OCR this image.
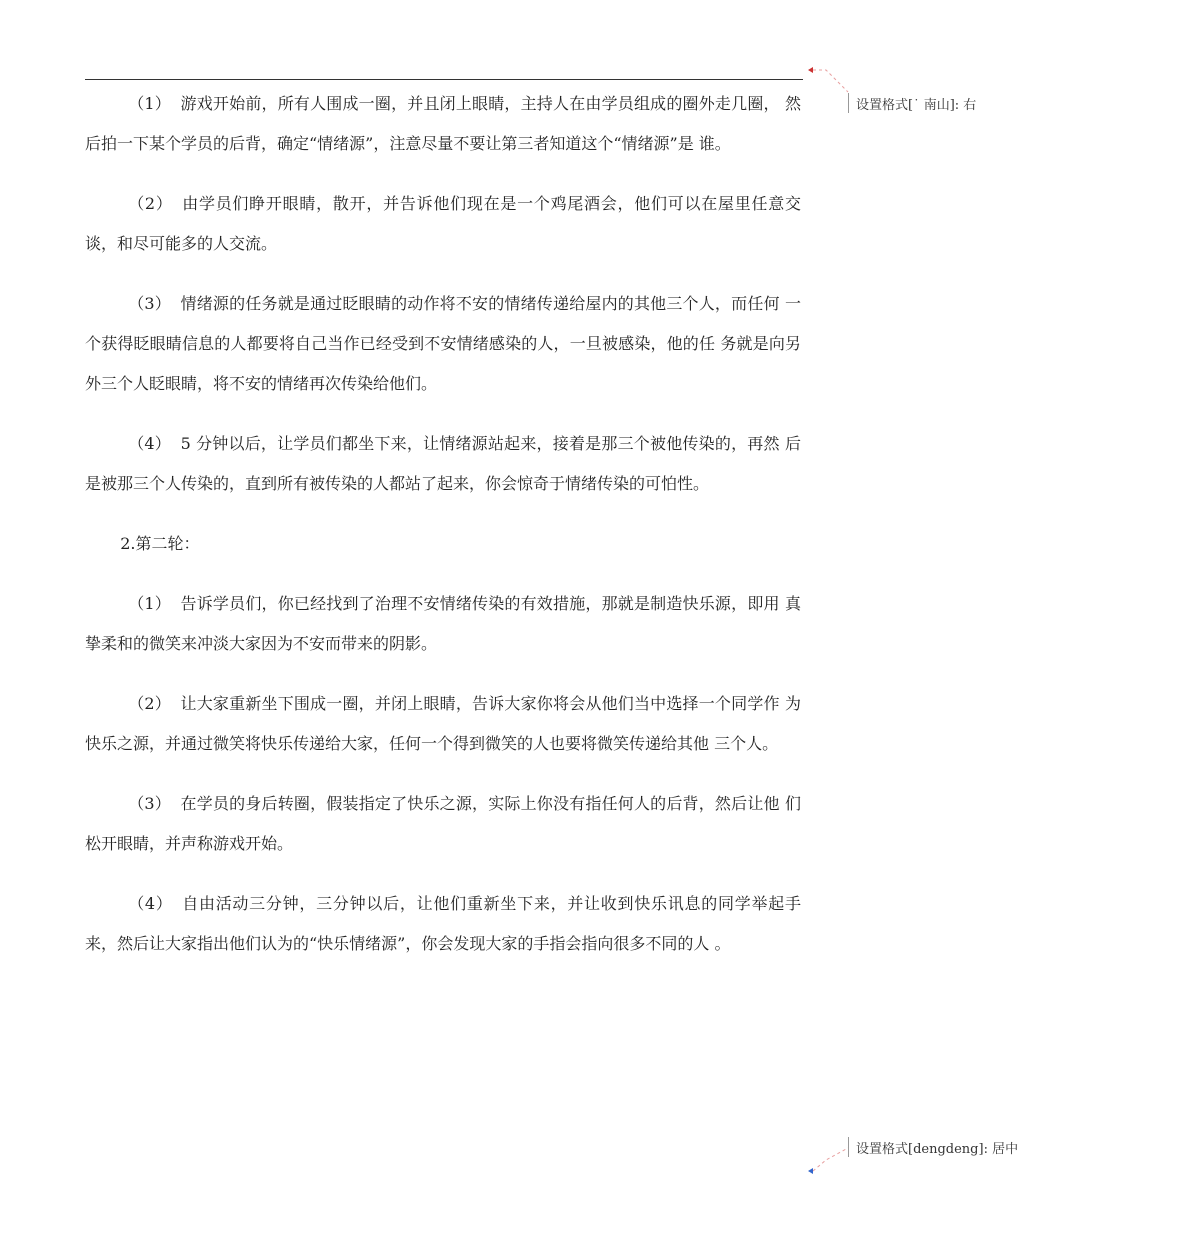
（1） 游戏开始前，所有人围成一圈，并且闭上眼睛，主持人在由学员组成的圈外走几圈， 然 后拍一下某个学员的后背，确定“情绪源”，注意尽量不要让第三者知道这个“情绪源”是 谁。

（2） 由学员们睁开眼睛，散开，并告诉他们现在是一个鸡尾酒会，他们可以在屋里任意交 谈，和尽可能多的人交流。

（3） 情绪源的任务就是通过眨眼睛的动作将不安的情绪传递给屋内的其他三个人，而任何 一个获得眨眼睛信息的人都要将自己当作已经受到不安情绪感染的人，一旦被感染，他的任 务就是向另外三个人眨眼睛，将不安的情绪再次传染给他们。

（4） 5 分钟以后，让学员们都坐下来，让情绪源站起来，接着是那三个被他传染的，再然 后是被那三个人传染的，直到所有被传染的人都站了起来，你会惊奇于情绪传染的可怕性。

2.第二轮：

（1） 告诉学员们，你已经找到了治理不安情绪传染的有效措施，那就是制造快乐源，即用 真挚柔和的微笑来冲淡大家因为不安而带来的阴影。

（2） 让大家重新坐下围成一圈，并闭上眼睛，告诉大家你将会从他们当中选择一个同学作 为快乐之源，并通过微笑将快乐传递给大家，任何一个得到微笑的人也要将微笑传递给其他 三个人。

（3） 在学员的身后转圈，假装指定了快乐之源，实际上你没有指任何人的后背，然后让他 们松开眼睛，并声称游戏开始。

（4） 自由活动三分钟，三分钟以后，让他们重新坐下来，并让收到快乐讯息的同学举起手 来，然后让大家指出他们认为的“快乐情绪源”，你会发现大家的手指会指向很多不同的人 。

设置格式[˙ 南山]: 右
设置格式[dengdeng]: 居中
